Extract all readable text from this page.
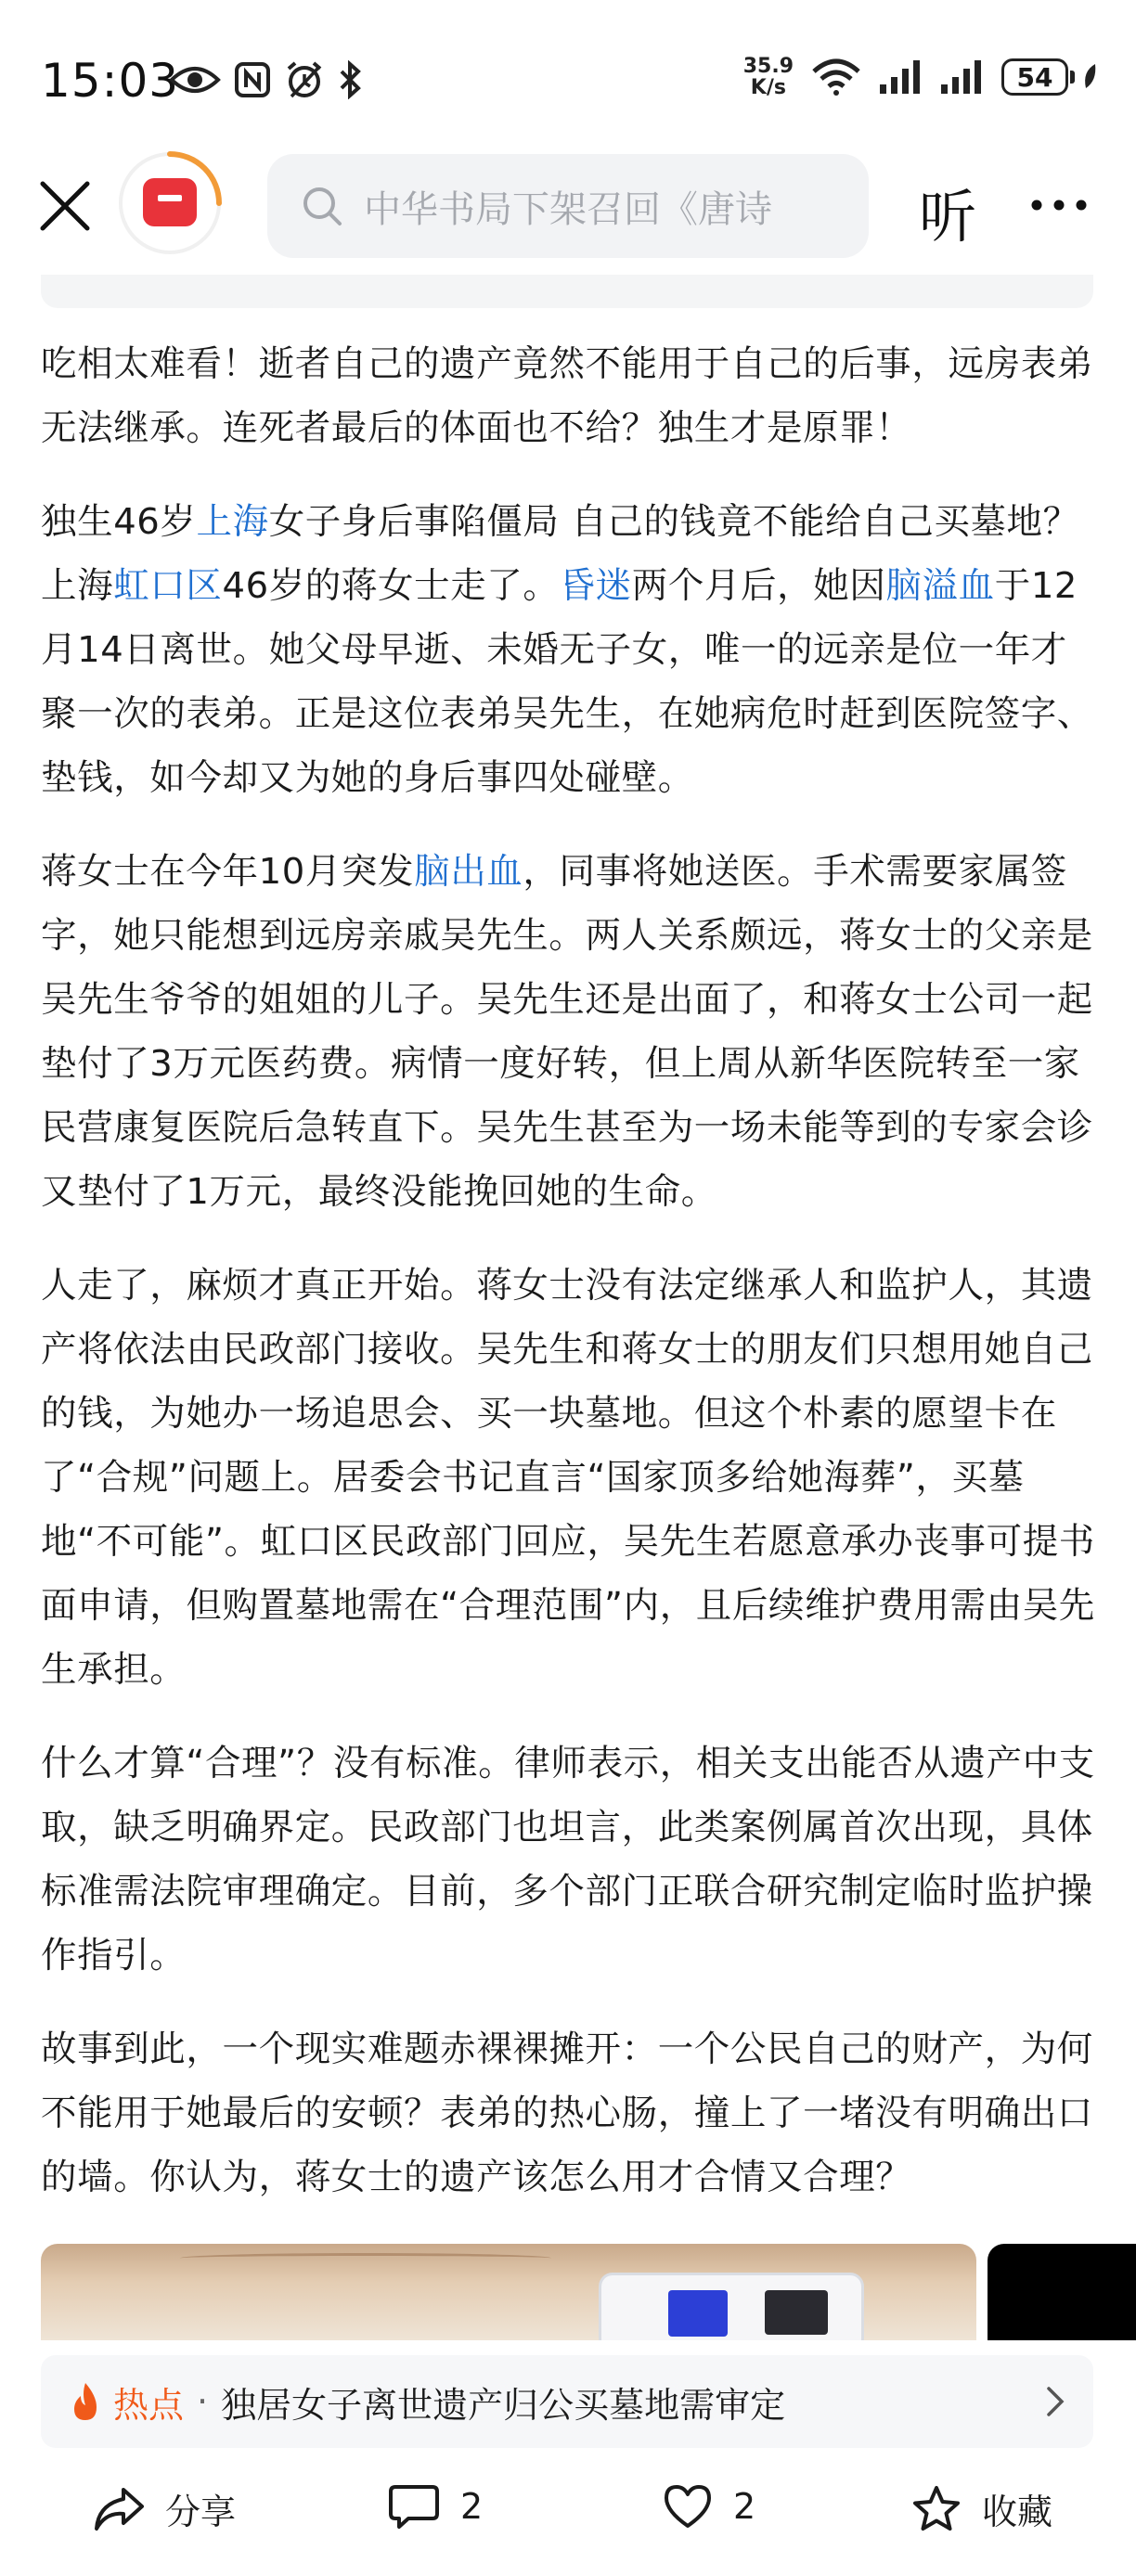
15:03	35.9
K/s	54
中华书局下架召回《唐诗	听

吃相太难看！逝者自己的遗产竟然不能用于自己的后事，远房表弟无法继承。连死者最后的体面也不给？独生才是原罪！

独生46岁上海女子身后事陷僵局 自己的钱竟不能给自己买墓地？上海虹口区46岁的蒋女士走了。昏迷两个月后，她因脑溢血于12月14日离世。她父母早逝、未婚无子女，唯一的远亲是位一年才聚一次的表弟。正是这位表弟吴先生，在她病危时赶到医院签字、垫钱，如今却又为她的身后事四处碰壁。

蒋女士在今年10月突发脑出血，同事将她送医。手术需要家属签字，她只能想到远房亲戚吴先生。两人关系颇远，蒋女士的父亲是吴先生爷爷的姐姐的儿子。吴先生还是出面了，和蒋女士公司一起垫付了3万元医药费。病情一度好转，但上周从新华医院转至一家民营康复医院后急转直下。吴先生甚至为一场未能等到的专家会诊又垫付了1万元，最终没能挽回她的生命。

人走了，麻烦才真正开始。蒋女士没有法定继承人和监护人，其遗产将依法由民政部门接收。吴先生和蒋女士的朋友们只想用她自己的钱，为她办一场追思会、买一块墓地。但这个朴素的愿望卡在了“合规”问题上。居委会书记直言“国家顶多给她海葬”，买墓地“不可能”。虹口区民政部门回应，吴先生若愿意承办丧事可提书面申请，但购置墓地需在“合理范围”内，且后续维护费用需由吴先生承担。

什么才算“合理”？没有标准。律师表示，相关支出能否从遗产中支取，缺乏明确界定。民政部门也坦言，此类案例属首次出现，具体标准需法院审理确定。目前，多个部门正联合研究制定临时监护操作指引。

故事到此，一个现实难题赤裸裸摊开：一个公民自己的财产，为何不能用于她最后的安顿？表弟的热心肠，撞上了一堵没有明确出口的墙。你认为，蒋女士的遗产该怎么用才合情又合理？

热点 · 独居女子离世遗产归公买墓地需审定
分享	2	2	收藏
